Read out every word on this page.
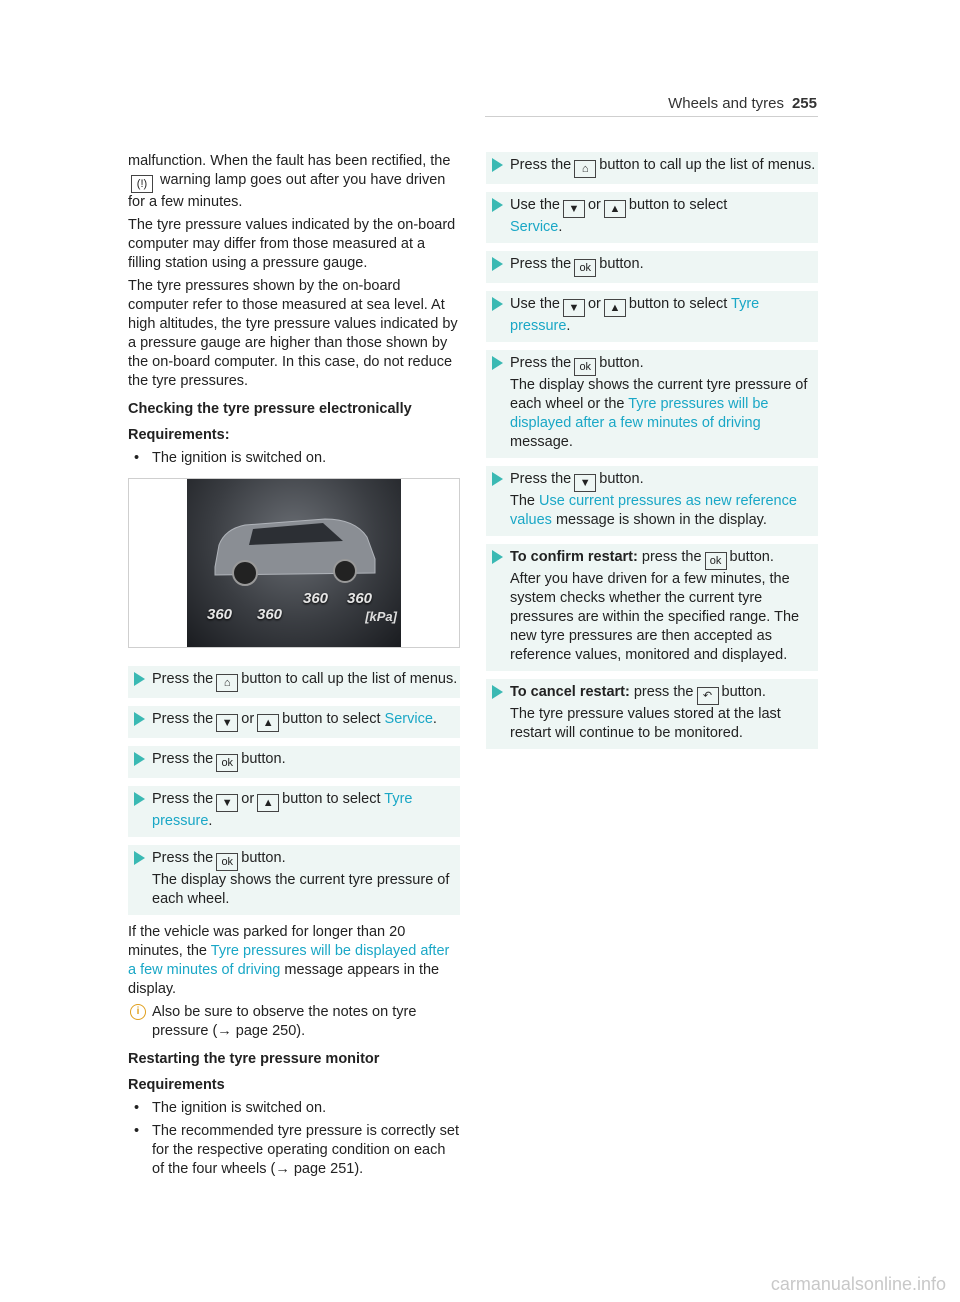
Wheels and tyres 255

malfunction. When the fault has been rectified, the (!) warning lamp goes out after you have driven for a few minutes.

The tyre pressure values indicated by the on-board computer may differ from those measured at a filling station using a pressure gauge.

The tyre pressures shown by the on-board computer refer to those measured at sea level. At high altitudes, the tyre pressure values indicated by a pressure gauge are higher than those shown by the on-board computer. In this case, do not reduce the tyre pressures.

Checking the tyre pressure electronically
Requirements:
• The ignition is switched on.
360 360
360 360
[kPa]
Press the ⌂ button to call up the list of menus.
Press the ▼ or ▲ button to select Service.
Press the ok button.
Press the ▼ or ▲ button to select Tyre pressure.
Press the ok button.
The display shows the current tyre pressure of each wheel.

If the vehicle was parked for longer than 20 minutes, the Tyre pressures will be displayed after a few minutes of driving message appears in the display.

i Also be sure to observe the notes on tyre pressure (→ page 250).
Restarting the tyre pressure monitor
Requirements
• The ignition is switched on.
• The recommended tyre pressure is correctly set for the respective operating condition on each of the four wheels (→ page 251).
Press the ⌂ button to call up the list of menus.
Use the ▼ or ▲ button to select
Service.
Press the ok button.
Use the ▼ or ▲ button to select Tyre pressure.
Press the ok button.
The display shows the current tyre pressure of each wheel or the Tyre pressures will be displayed after a few minutes of driving message.
Press the ▼ button.
The Use current pressures as new reference values message is shown in the display.
To confirm restart: press the ok button.
After you have driven for a few minutes, the system checks whether the current tyre pressures are within the specified range. The new tyre pressures are then accepted as reference values, monitored and displayed.
To cancel restart: press the ↶ button.
The tyre pressure values stored at the last restart will continue to be monitored.
carmanualsonline.info
